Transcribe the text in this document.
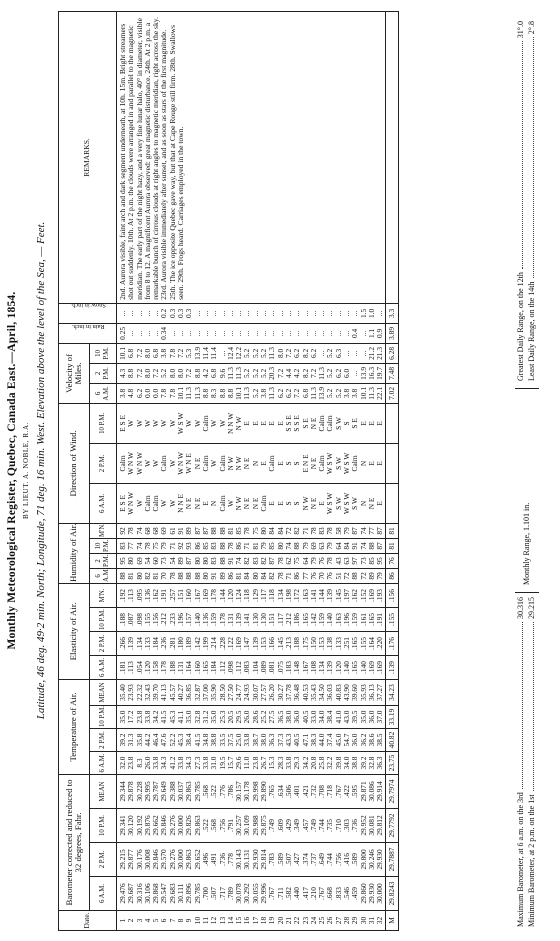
Monthly Meteorological Register, Quebec, Canada East.—April, 1854. BY LIEUT. A. NOBLE, R.A. Latitude, 46 deg. 49·2 min. North; Longitude, 71 deg. 16 min. West. Elevation above the level of the Sea, — Feet.
Date.	Barometer corrected and reduced to 32 degrees, Fahr.				Temperature of Air.				Elasticity of Air.				Humidity of Air.				Direction of Wind.			Velocity of Miles.			Rain in inch.	Snow in inch.	REMARKS.
	6 A.M.	2 P.M.	10 P.M.	MEAN	6 A.M.	2 P.M.	10 P.M.	MEAN	6 A.M.	2 P.M.	10 P.M.	M'N.	6 A.M.	2 P.M.	10 P.M.	M'N.	6 A.M.	2 P.M.	10 P.M.	6 A.M.	2 P.M.	10 P.M.			
1	29.476	29.215	29.341	29.344	32.0	39.2	35.0	35.40	.181	.266	.188	.192	88	95	83	92	E S E	Calm	E S E	3.8	4.3	10.1	0.25	...	2nd. Aurora visible, faint arch and dark segment underneath, at 10h. 15m. Bright streamers shot out suddenly. 10th. At 2 p.m. the clouds were arranged in and parallel to the magnetic meridian. The early part of the night hazy, and a very fine lunar halo, 40° in diameter, visible from 8 to 12. A magnificent Aurora observed: great magnetic disturbance. 24th. At 2 p.m. a remarkable bunch of cirrous clouds at right angles to magnetic meridian, right across the sky. 23rd. Aurora visible immediately after sunset, and as soon as stars of the first magnitude. 25th. The ice opposite Quebec gave way, but that at Cape Rouge still firm. 28th. Swallows seen. 29th. Frogs heard. Carriages employed in the town.
2	29.687	29.877	30.120	29.878	23.8	31.3	17.2	23.93	.113	.139	.087	.113	81	80	77	78	W N W	W N W	W	4.8	8.8	6.8	...	...	
3	30.316	30.176	30.192	30.228	8.3	35.8	23.8	22.32	.054	.134	.098	.095	80	69	74	74	W	W N W	W	6.2	7.2	7.2	...	...	
4	30.106	30.008	29.876	29.995	26.0	44.2	33.8	32.43	.120	.133	.155	.136	82	54	78	68	Calm	W	W	0.0	8.0	8.0	...	...	
5	29.868	29.846	29.662	29.787	33.8	46.4	34.2	39.70	.158	.184	.156	.162	81	60	75	68	Calm	W	W	0.0	7.2	6.8	...	...	
6	29.547	29.570	29.846	29.649	34.3	47.6	41.5	41.13	.178	.236	.212	.191	70	73	79	69	W	Calm	W	7.8	5.2	3.8	0.34	0.2	
7	29.683	29.276	29.276	29.388	41.2	52.2	45.3	45.57	.188	.281	.233	.257	78	54	71	61	W	W	W	7.8	8.0	7.8	...	0.3	
8	30.111	30.000	30.000	30.037	33.8	45.3	41.1	40.27	.131	.180	.196	.151	88	89	92	91	N N E	W N W	W S W	10.1	8.0	7.2	...	0.3	
9	29.896	29.863	29.826	29.863	34.3	38.4	35.0	36.85	.164	.189	.157	.160	88	87	93	89	N E	W N E	W	11.3	7.2	5.3	...	0.3	
10	29.785	29.652	29.863	29.785	27.3	41.5	32.8	32.87	.160	.142	.140	.167	88	80	86	87	N E	N E	W	11.3	8.8	13.9	...	...	
11	.700	.496	.522	.568	33.8	34.8	31.2	37.00	.165	.199	.136	.169	80	80	85	87	E	Calm	Calm	8.8	4.2	11.4	...	...	
12	.507	.491	.568	.522	31.0	38.8	35.0	35.90	.184	.214	.159	.178	91	83	83	88	N	W	W	8.3	6.8	11.4	...	...	
13	.717	.736	.756	.776	19.5	33.5	25.3	28.50	.112	.228	.178	.144	89	88	88	88	Calm	Calm	W	8.8	9.6	...	...	...	
14	.789	.778	.791	.786	15.7	37.5	20.5	27.50	.098	.122	.131	.120	86	91	78	81	W	N W	N N W	8.8	11.3	12.4	...	...	
15	30.078	30.143	30.257	30.157	29.6	25.0	29.5	24.77	.112	.169	.139	.124	81	74	86	85	N W	N W	N W	10.1	11.3	12.2	...	...	
16	30.292	30.131	30.109	30.178	11.0	33.8	26.0	24.93	.083	.147	.141	.118	84	82	71	78	N E	N E	E	11.3	5.2	5.2	...	...	
17	30.055	29.930	29.988	29.998	23.8	38.7	28.6	30.07	.104	.139	.130	.129	80	83	81	75	N E	N	E	5.2	5.2	5.2	...	...	
18	29.996	29.814	29.875	29.890	26.7	38.0	25.2	27.57	.089	.153	.130	.117	84	82	79	80	Calm	E	E	3.8	5.2	5.2	...	...	
19	.767	.783	.749	.765	15.3	36.3	27.5	26.20	.081	.166	.151	.118	82	87	85	84	E	Calm	E	11.3	20.3	11.3	...	...	
20	.711	.589	.609	.634	28.3	37.3	36.5	30.27	.075	.145	.117	.134	78	78	80	84	E	E	E	6.2	7.2	8.0	...	...	
21	.582	.507	.429	.506	33.8	43.3	38.0	37.78	.183	.213	.212	.198	71	62	74	72	S	S	S S E	6.2	4.4	7.2	...	...	
22	.440	.427	.349	.401	29.3	40.5	36.0	36.48	.148	.188	.186	.172	86	75	88	82	S	S	S S E	7.2	4.2	6.2	...	...	
23	.417	.374	.457	.421	34.2	47.1	40.5	40.53	.167	.175	.165	.163	77	64	79	71	N W	E N E	S E	6.8	8.2	8.2	...	...	
24	.210	.737	.749	.732	20.8	38.3	33.0	35.43	.108	.150	.142	.141	76	79	69	78	N E	N E	N E	11.3	7.2	6.2	...	...	
25	.767	.649	.744	.708	25.8	44.0	34.0	34.50	.134	.153	.159	.144	70	76	63	83	E	Calm	Calm	13.9	11.3	...	...	...	
26	.668	.744	.735	.718	32.2	37.4	38.4	36.03	.139	.138	.140	.139	76	78	79	78	W S W	W S W	Calm	5.2	5.2	5.2	...	...	
27	.833	.756	.710	.767	39.8	45.0	41.0	40.83	.120	.133	.163	.145	51	43	64	58	S W	S W	S W	5.2	6.2	6.3	...	...	
28	.546	.416	.303	.422	34.0	54.7	43.0	43.90	.140	.251	.196	.197	72	63	84	79	W S W	W S W	S	3.8	6.0	...	...	...	
29	.459	.589	.736	.595	38.8	36.0	39.5	39.60	.165	.165	.159	.162	88	97	91	87	S W	Calm	S E	3.8	...	...	0.4	...	
30	29.860	29.800	29.952	29.871	39.2	36.2	35.0	35.93	.140	.155	.161	.152	72	73	74	74	N	N	E	10.1	13.9	...	...	1.5	
31	29.930	30.246	30.081	30.086	32.8	38.6	36.0	36.13	.169	.164	.165	.169	89	85	88	77	N E	E	E	11.3	16.3	21.2	1.1	1.0	
32	30.000	29.930	29.812	29.914	36.3	38.5	37.0	37.27	.169	.220	.191	.193	79	95	87	87	E	E	E	22.1	19.7	21.3	0.9	...	
M	29.8243	29.7887	29.7792	29.7974	23.75	40.82	33.19	34.23	.139	.176	.155	.156	86	76	81	81				7.02	7.48	6.28	3.89	3.3	
Maximum Barometer, at 6 a.m. on the 3rd
30.316
Minimum Barometer, at 2 p.m. on the 1st
29.215
Monthly Range, 1.101 in.
Greatest Daily Range, on the 12th
31°.0
Least Daily Range, on the 14th
2°.8
